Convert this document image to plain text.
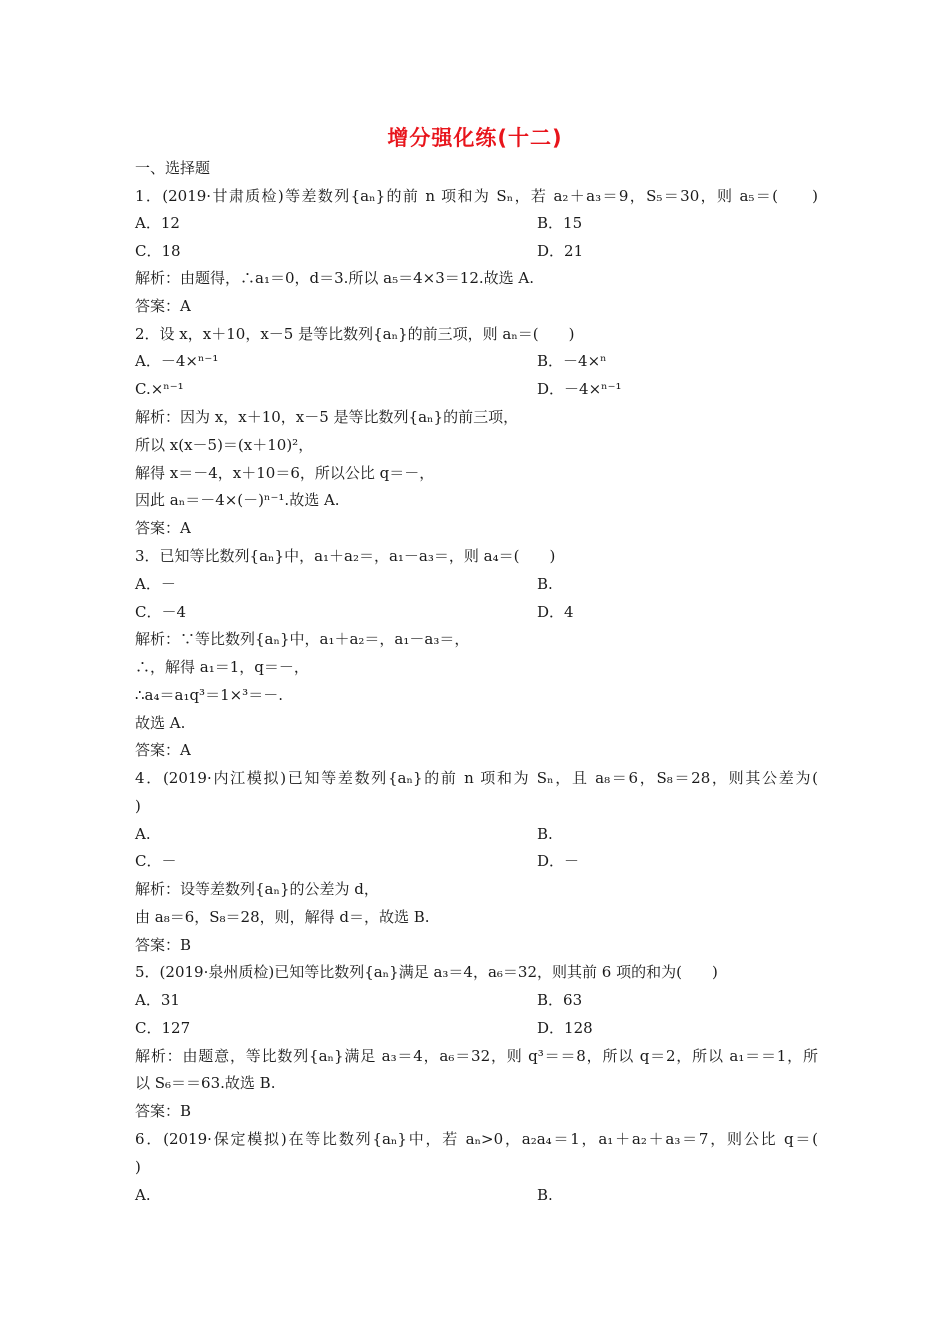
增分强化练(十二)
一、选择题
1．(2019·甘肃质检)等差数列{aₙ}的前 n 项和为 Sₙ，若 a₂＋a₃＝9，S₅＝30，则 a₅＝(　　)
A．12	B．15
C．18	D．21
解析：由题得，∴a₁＝0，d＝3.所以 a₅＝4×3＝12.故选 A.
答案：A
2．设 x，x＋10，x－5 是等比数列{aₙ}的前三项，则 aₙ＝(　　)
A．－4×ⁿ⁻¹	B．－4×ⁿ
C.×ⁿ⁻¹	D．－4×ⁿ⁻¹
解析：因为 x，x＋10，x－5 是等比数列{aₙ}的前三项，
所以 x(x－5)＝(x＋10)²，
解得 x＝－4，x＋10＝6，所以公比 q＝－，
因此 aₙ＝－4×(－)ⁿ⁻¹.故选 A.
答案：A
3．已知等比数列{aₙ}中，a₁＋a₂＝，a₁－a₃＝，则 a₄＝(　　)
A．－	B.
C．－4	D．4
解析：∵等比数列{aₙ}中，a₁＋a₂＝，a₁－a₃＝，
∴，解得 a₁＝1，q＝－，
∴a₄＝a₁q³＝1×³＝－.
故选 A.
答案：A
4．(2019·内江模拟)已知等差数列{aₙ}的前 n 项和为 Sₙ，且 a₈＝6，S₈＝28，则其公差为(
)
A.	B.
C．－	D．－
解析：设等差数列{aₙ}的公差为 d，
由 a₈＝6，S₈＝28，则，解得 d＝，故选 B.
答案：B
5．(2019·泉州质检)已知等比数列{aₙ}满足 a₃＝4，a₆＝32，则其前 6 项的和为(　　)
A．31	B．63
C．127	D．128
解析：由题意，等比数列{aₙ}满足 a₃＝4，a₆＝32，则 q³＝＝8，所以 q＝2，所以 a₁＝＝1，所
以 S₆＝＝63.故选 B.
答案：B
6．(2019·保定模拟)在等比数列{aₙ}中，若 aₙ>0，a₂a₄＝1，a₁＋a₂＋a₃＝7，则公比 q＝(
)
A.	B.
